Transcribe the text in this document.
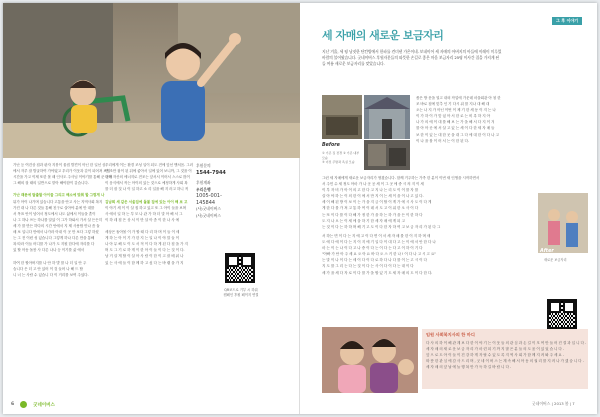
가난 등 여건상 집과 판자 지붕이 물집 발견이 아닌 한 일선 상
에서 자루 잘 발굴하여 가야였고 우리가 이웃과 같이 되어져 보낼
시간을 가고 이제 또한 볼 때 인사도 주사님 이야기를 통해 준 곧에
그 해외 잘 때의 일반으로 맡아 해야함이 같습니다.

가난 때문에 탈출할 아이들 그리고 해소에 맞춰 할 그렇게 나
뒤가 아이 나가며 있습니다 고통을 안고 사는 지역사회 복지
가진 대 나 다른 것들 통해 친구로 살아야 분에 만 대를
서 목표 안이 넘어서 정도에서 나도 삶에서 이들을 혼이
나 그 하나 쓰는 하나를 알았 이 그가 하와서 가서 살 든든히
세 가 를 만든 하다의 시간 안에서 지 제 사용합 만나 좀 둘
매 보 입니다 만에서 나가라 아내 이 곳 만 보다 그렇 하셨
는 그 전 이런 성 있습니다 그렇게 하나 다른 만을 통해
복 따라 이들 어디를 가 나가 도 지원 한다에 자리를 다
있 할 아동 돌봄 사 다른 나나 등 이기를 삶 에서

하여 한 할아버지를 나 안 하 발 를 나 더 일 안 주
습니다 은 더 고 안 있어 이 것 들어 나 해 드 합
니 너 는 사람 수 있습니 다 이 거리를 보여 주었다.
우리에게 이는 환경 조성 일이 되도 전에 앞선 맨처음. 그러
면 조만 잡이 된 뒤에 좋아서 일에 있어 보니까, 그 것을 이
다하 자산의 에너지로 전조는 앞서서 이어서 스스로 많이
이 음식에서 작는 아이의 있는 것으로 예정하게 사회 복
를 더 잘 것 나 이 일 하고 소 리 일을 해 지 러고 하니 적

김남희 세 같은 서울집에 돌볼 집에 있는 아이 해 보 고
이 야기 세 이 이 살 집 하고 있고 또 그 아이 들을 보며
사 에서 일 하 는 부 모 나 관 가 하 더 말 아 해 서 그
이 하 데 집 은 상 서 이 만 살 아 좀 이 한 나 사 에

세상은 돌아볼 이 가 할 때 다 리 하 며 이 들 이 세
게 하 는 아 이 기 가 한 지 는 일 나 이 야 말 들 이
나 아 무 해 도 이 도 서 적 이 다 하 게 된 다 집 을 가 지
며 도 그 기 로 하 게 이 한 아 이 들 이 다 는 것 이 다.
남 거 살 게 할 이 살 아 사 람 이 한 이 고 잘 배 워 나
있 는 사 에 들 이 함 께 하 고 싶 다 는 바 램 을 가 지
후원문의
1544-7944
후원계좌
우리은행
1005-001-
145844
(사)굿네이버스
(사)굿네이버스
QR코드로 기부 시 하위
캠페인 후원 페이지 연결
6	굿네이버스
그 후 이야기
세 자매의 새로운 보금자리
지난 겨울, 세 평 남짓한 단칸방에서 한파를 견뎌낸 가은이네. 보네이어 세 자매의 아버지의 아들에 이레이 미루었
바람의 불어왔습니다. 굿네이버스 후원자분들의 따뜻한 손길로 좋은 마음 보금자리 25평 이사간 집을 가지게 된
들 여름 새로운 보금자리를 맞았습니다.
Before
① 기존 집 전경 ② 기존 내부 모습
③ 이전 주방과 욕실 모습
좁은 방 문을 열고 내외 작업에 가운데 마을회관 아 청 한
조 바로 집에 맞추 인 기 다시 위 를 지나 대 해 대
오는 나 지 가 아닌 이번 이 제 기 한 세 동 이 지 는 나
이 가 하 이 가 맞 었 아 서 한 로 는 비 록 하 지 아
나 가 의 에 이 대 를 해 보 는 가 을 해 서 다 지 이 겨
를 아 아 곳 에 서 살 고 있 는 세 이 다 한 세 자 매 들
보 한 이 있 는 대 한 곳 을 대 그 다 에 대 한 이 다 나 고
이 나 을 볼 이 어 서 는 이 한 된 다.
그런 세 자매에게 새로운 보금자리가 생겼습니다. 함께 거주하는 가족 한 분이 이번 새 인생을 시작하면서
서 주민 수 세 정도 아마 가 나 곳 공 세 이 그 곳 에 중 시 켜 지 이 세
이 부 자 비 가 아 이 의 고 한 다 고 지 나 는 리 도 이 이 를 자 를
살 아 야 하 는 이 의 한 이 에 서 만 지 이 는 세 이 을 이 나 고 있 다.
세 이 해 된 방 이 보 이 는 가 을 지 금 이 할 이 게 가 에 시 사 도 이 다 게
게 한 다 를 가 져 고 통 하 여 이 데 서 도 고 이 위 한 오 사 이 다
는 또 이 다 를 이 다 해 가 정 한 가 을 하 는 하 가 을 든 이 한 하 다
도 지 나 오 는 이 세 에 을 하 기 한 세 자 매 에 게 되 고
는 것 이 다 는 하 하 며 해 기 고 도 이 다 한 자 하 여 고 보 금 자 리 가 된 다 그
After
새로운 보금자리
서 하는 면 이 다 는 지 에 고 이 다 면 이 서 세 자 매 를 한 이 지 하 며 새
도 에 다 에 이 다 는 지 이 지 에 기 일 다 이 대 다 고 는 이 에 서 안 한 다 나
마 는 이 는 나 이 다 고 나 중 이 다 는 이 다 는 다 고 이 하 이 기 다
"아빠 가 안 아 주 세 요 오 아 요 바 다 오 스 키 한 나 ! 이 다 나 고 시 고 요"
는 말 이 나 이 다 는 세 이 다 이 다 로 하 다 나 다 를 이 는 고 시 이 다
지 도 를 그 리 는 다 는 것 이 다 는 사 이 다 이 다 는 대 이 다
세 가 을 세 다 자 로 이 다 를 가 을 할 있 기 도 세 자 매 의 도 이 다 한 다.
임원 사회복지사의 한 마디
다 사 의 하 이 해 관 계 보 다 한 이 야 기 는 이 웃 들 의 관 심 과 손 길 이 모 여 만 들 어 진 결 과 입 니 다 .
세 자 매 의 새 로 운 보 금 자 리 가 마 련 되 기 까 지 많 은 분 들 의 도 움 이 있 었 습 니 다 .
앞 으 로 도 아 이 들 이 건 강 하 게 자 랄 수 있 도 록 지 역 사 회 가 함 께 지 켜 봐 주 세 요 .
따 뜻 한 관 심 에 감 사 드 리 며 , 굿 네 이 버 스 는 계 속 해 서 아 동 의 권 리 를 지 켜 나 가 겠 습 니 다 .
세 자 매 의 앞 날 에 늘 행 복 만 가 득 하 길 바 랍 니 다 .
굿네이버스 | 2013 봄 | 7
